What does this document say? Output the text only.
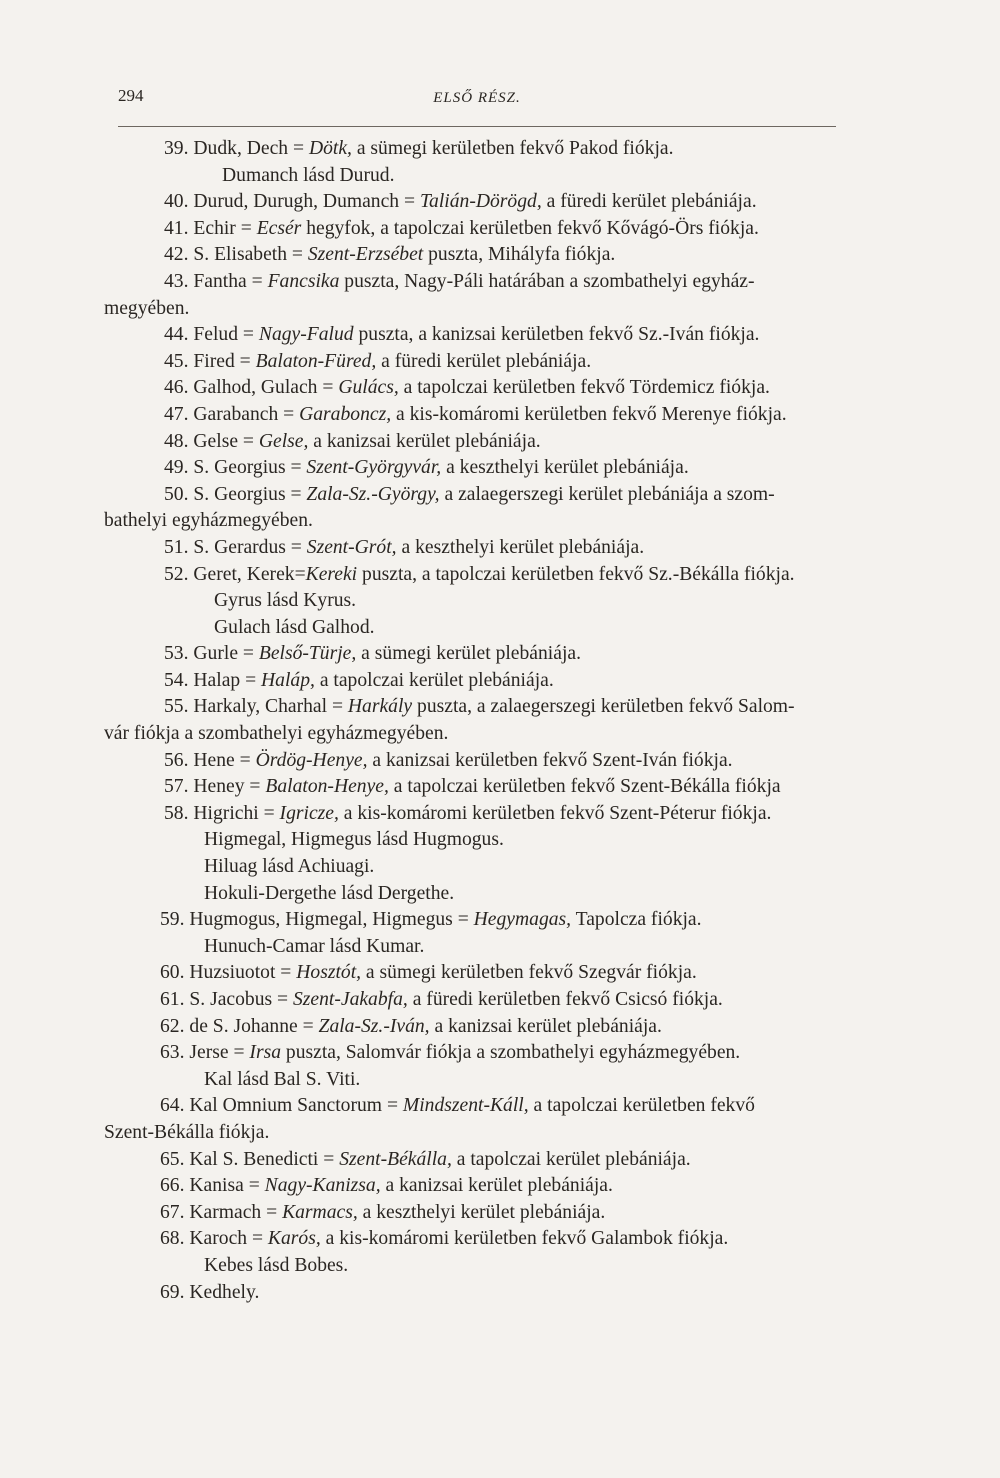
294	ELSŐ RÉSZ.
39. Dudk, Dech = Dötk, a sümegi kerületben fekvő Pakod fiókja.
Dumanch lásd Durud.
40. Durud, Durugh, Dumanch = Talián-Dörögd, a füredi kerület plebániája.
41. Echir = Ecsér hegyfok, a tapolczai kerületben fekvő Kővágó-Örs fiókja.
42. S. Elisabeth = Szent-Erzsébet puszta, Mihályfa fiókja.
43. Fantha = Fancsika puszta, Nagy-Páli határában a szombathelyi egyház-
megyében.
44. Felud = Nagy-Falud puszta, a kanizsai kerületben fekvő Sz.-Iván fiókja.
45. Fired = Balaton-Füred, a füredi kerület plebániája.
46. Galhod, Gulach = Gulács, a tapolczai kerületben fekvő Tördemicz fiókja.
47. Garabanch = Garaboncz, a kis-komáromi kerületben fekvő Merenye fiókja.
48. Gelse = Gelse, a kanizsai kerület plebániája.
49. S. Georgius = Szent-Györgyvár, a keszthelyi kerület plebániája.
50. S. Georgius = Zala-Sz.-György, a zalaegerszegi kerület plebániája a szom-
bathelyi egyházmegyében.
51. S. Gerardus = Szent-Grót, a keszthelyi kerület plebániája.
52. Geret, Kerek=Kereki puszta, a tapolczai kerületben fekvő Sz.-Békálla fiókja.
Gyrus lásd Kyrus.
Gulach lásd Galhod.
53. Gurle = Belső-Türje, a sümegi kerület plebániája.
54. Halap = Haláp, a tapolczai kerület plebániája.
55. Harkaly, Charhal = Harkály puszta, a zalaegerszegi kerületben fekvő Salom-
vár fiókja a szombathelyi egyházmegyében.
56. Hene = Ördög-Henye, a kanizsai kerületben fekvő Szent-Iván fiókja.
57. Heney = Balaton-Henye, a tapolczai kerületben fekvő Szent-Békálla fiókja
58. Higrichi = Igricze, a kis-komáromi kerületben fekvő Szent-Péterur fiókja.
Higmegal, Higmegus lásd Hugmogus.
Hiluag lásd Achiuagi.
Hokuli-Dergethe lásd Dergethe.
59. Hugmogus, Higmegal, Higmegus = Hegymagas, Tapolcza fiókja.
Hunuch-Camar lásd Kumar.
60. Huzsiuotot = Hosztót, a sümegi kerületben fekvő Szegvár fiókja.
61. S. Jacobus = Szent-Jakabfa, a füredi kerületben fekvő Csicsó fiókja.
62. de S. Johanne = Zala-Sz.-Iván, a kanizsai kerület plebániája.
63. Jerse = Irsa puszta, Salomvár fiókja a szombathelyi egyházmegyében.
Kal lásd Bal S. Viti.
64. Kal Omnium Sanctorum = Mindszent-Káll, a tapolczai kerületben fekvő
Szent-Békálla fiókja.
65. Kal S. Benedicti = Szent-Békálla, a tapolczai kerület plebániája.
66. Kanisa = Nagy-Kanizsa, a kanizsai kerület plebániája.
67. Karmach = Karmacs, a keszthelyi kerület plebániája.
68. Karoch = Karós, a kis-komáromi kerületben fekvő Galambok fiókja.
Kebes lásd Bobes.
69. Kedhely.
